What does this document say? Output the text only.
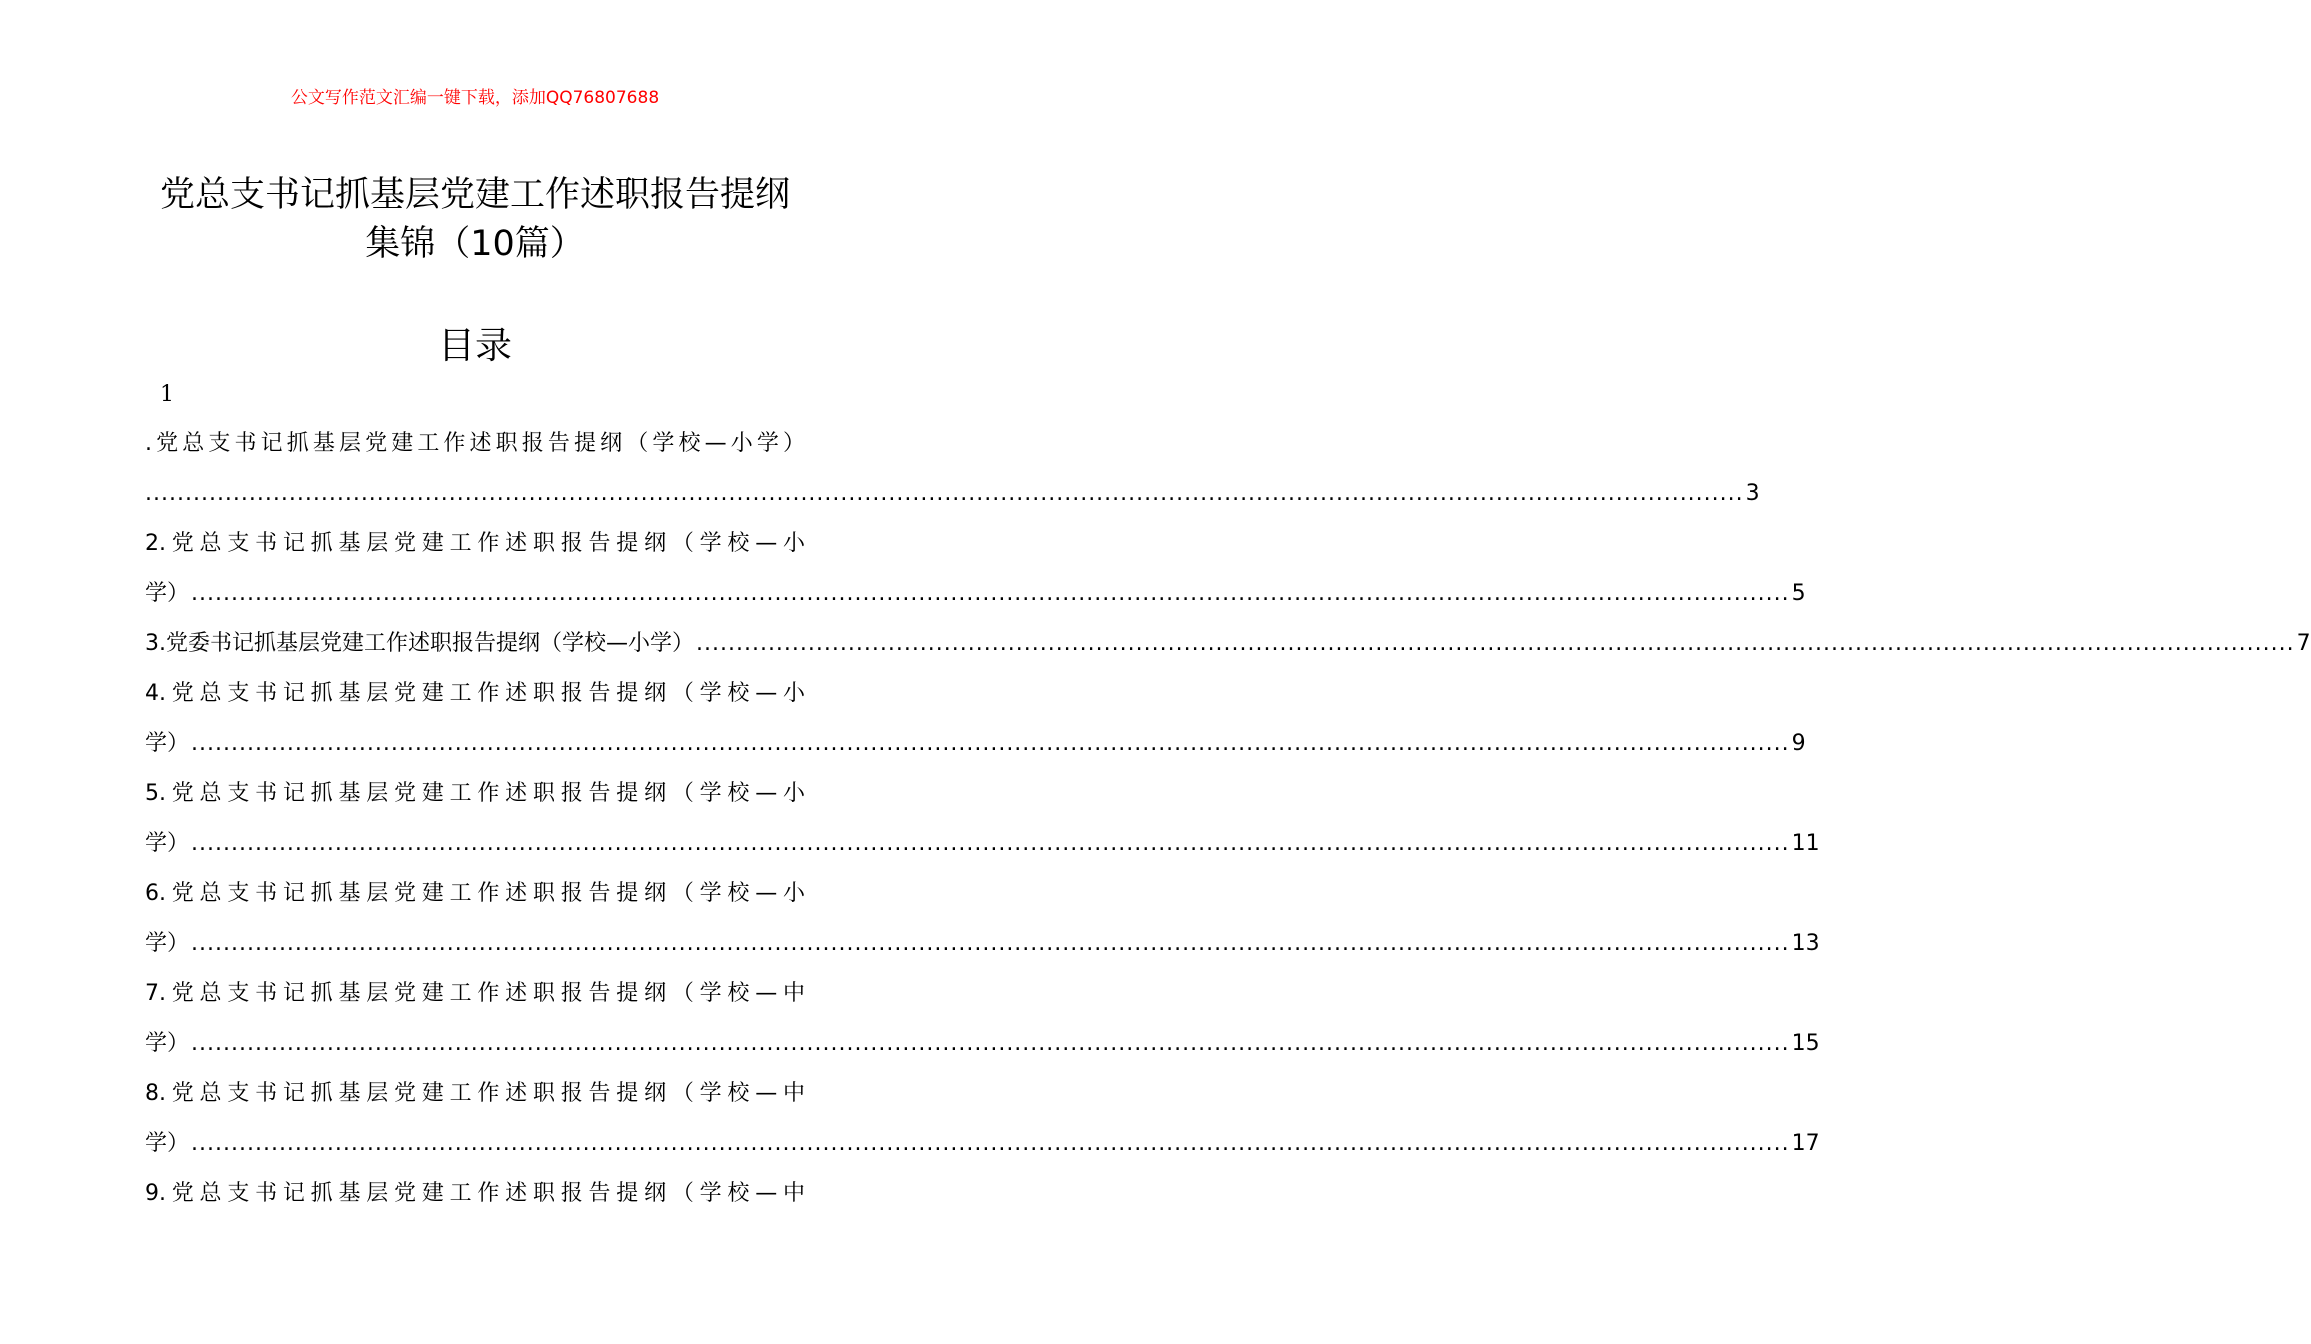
公文写作范文汇编一键下载，添加QQ76807688
党总支书记抓基层党建工作述职报告提纲
集锦（10篇）
目录
1
.党总支书记抓基层党建工作述职报告提纲（学校—小学）
........................................................................................................................................................................................................ 3
2.党总支书记抓基层党建工作述职报告提纲（学校—小
学） ........................................................................................................................................................................................................ 5
3.党委书记抓基层党建工作述职报告提纲（学校—小学） ........................................................................................................................................................................................................ 7
4.党总支书记抓基层党建工作述职报告提纲（学校—小
学） ........................................................................................................................................................................................................ 9
5.党总支书记抓基层党建工作述职报告提纲（学校—小
学） ........................................................................................................................................................................................................ 11
6.党总支书记抓基层党建工作述职报告提纲（学校—小
学） ........................................................................................................................................................................................................ 13
7.党总支书记抓基层党建工作述职报告提纲（学校—中
学） ........................................................................................................................................................................................................ 15
8.党总支书记抓基层党建工作述职报告提纲（学校—中
学） ........................................................................................................................................................................................................ 17
9.党总支书记抓基层党建工作述职报告提纲（学校—中
